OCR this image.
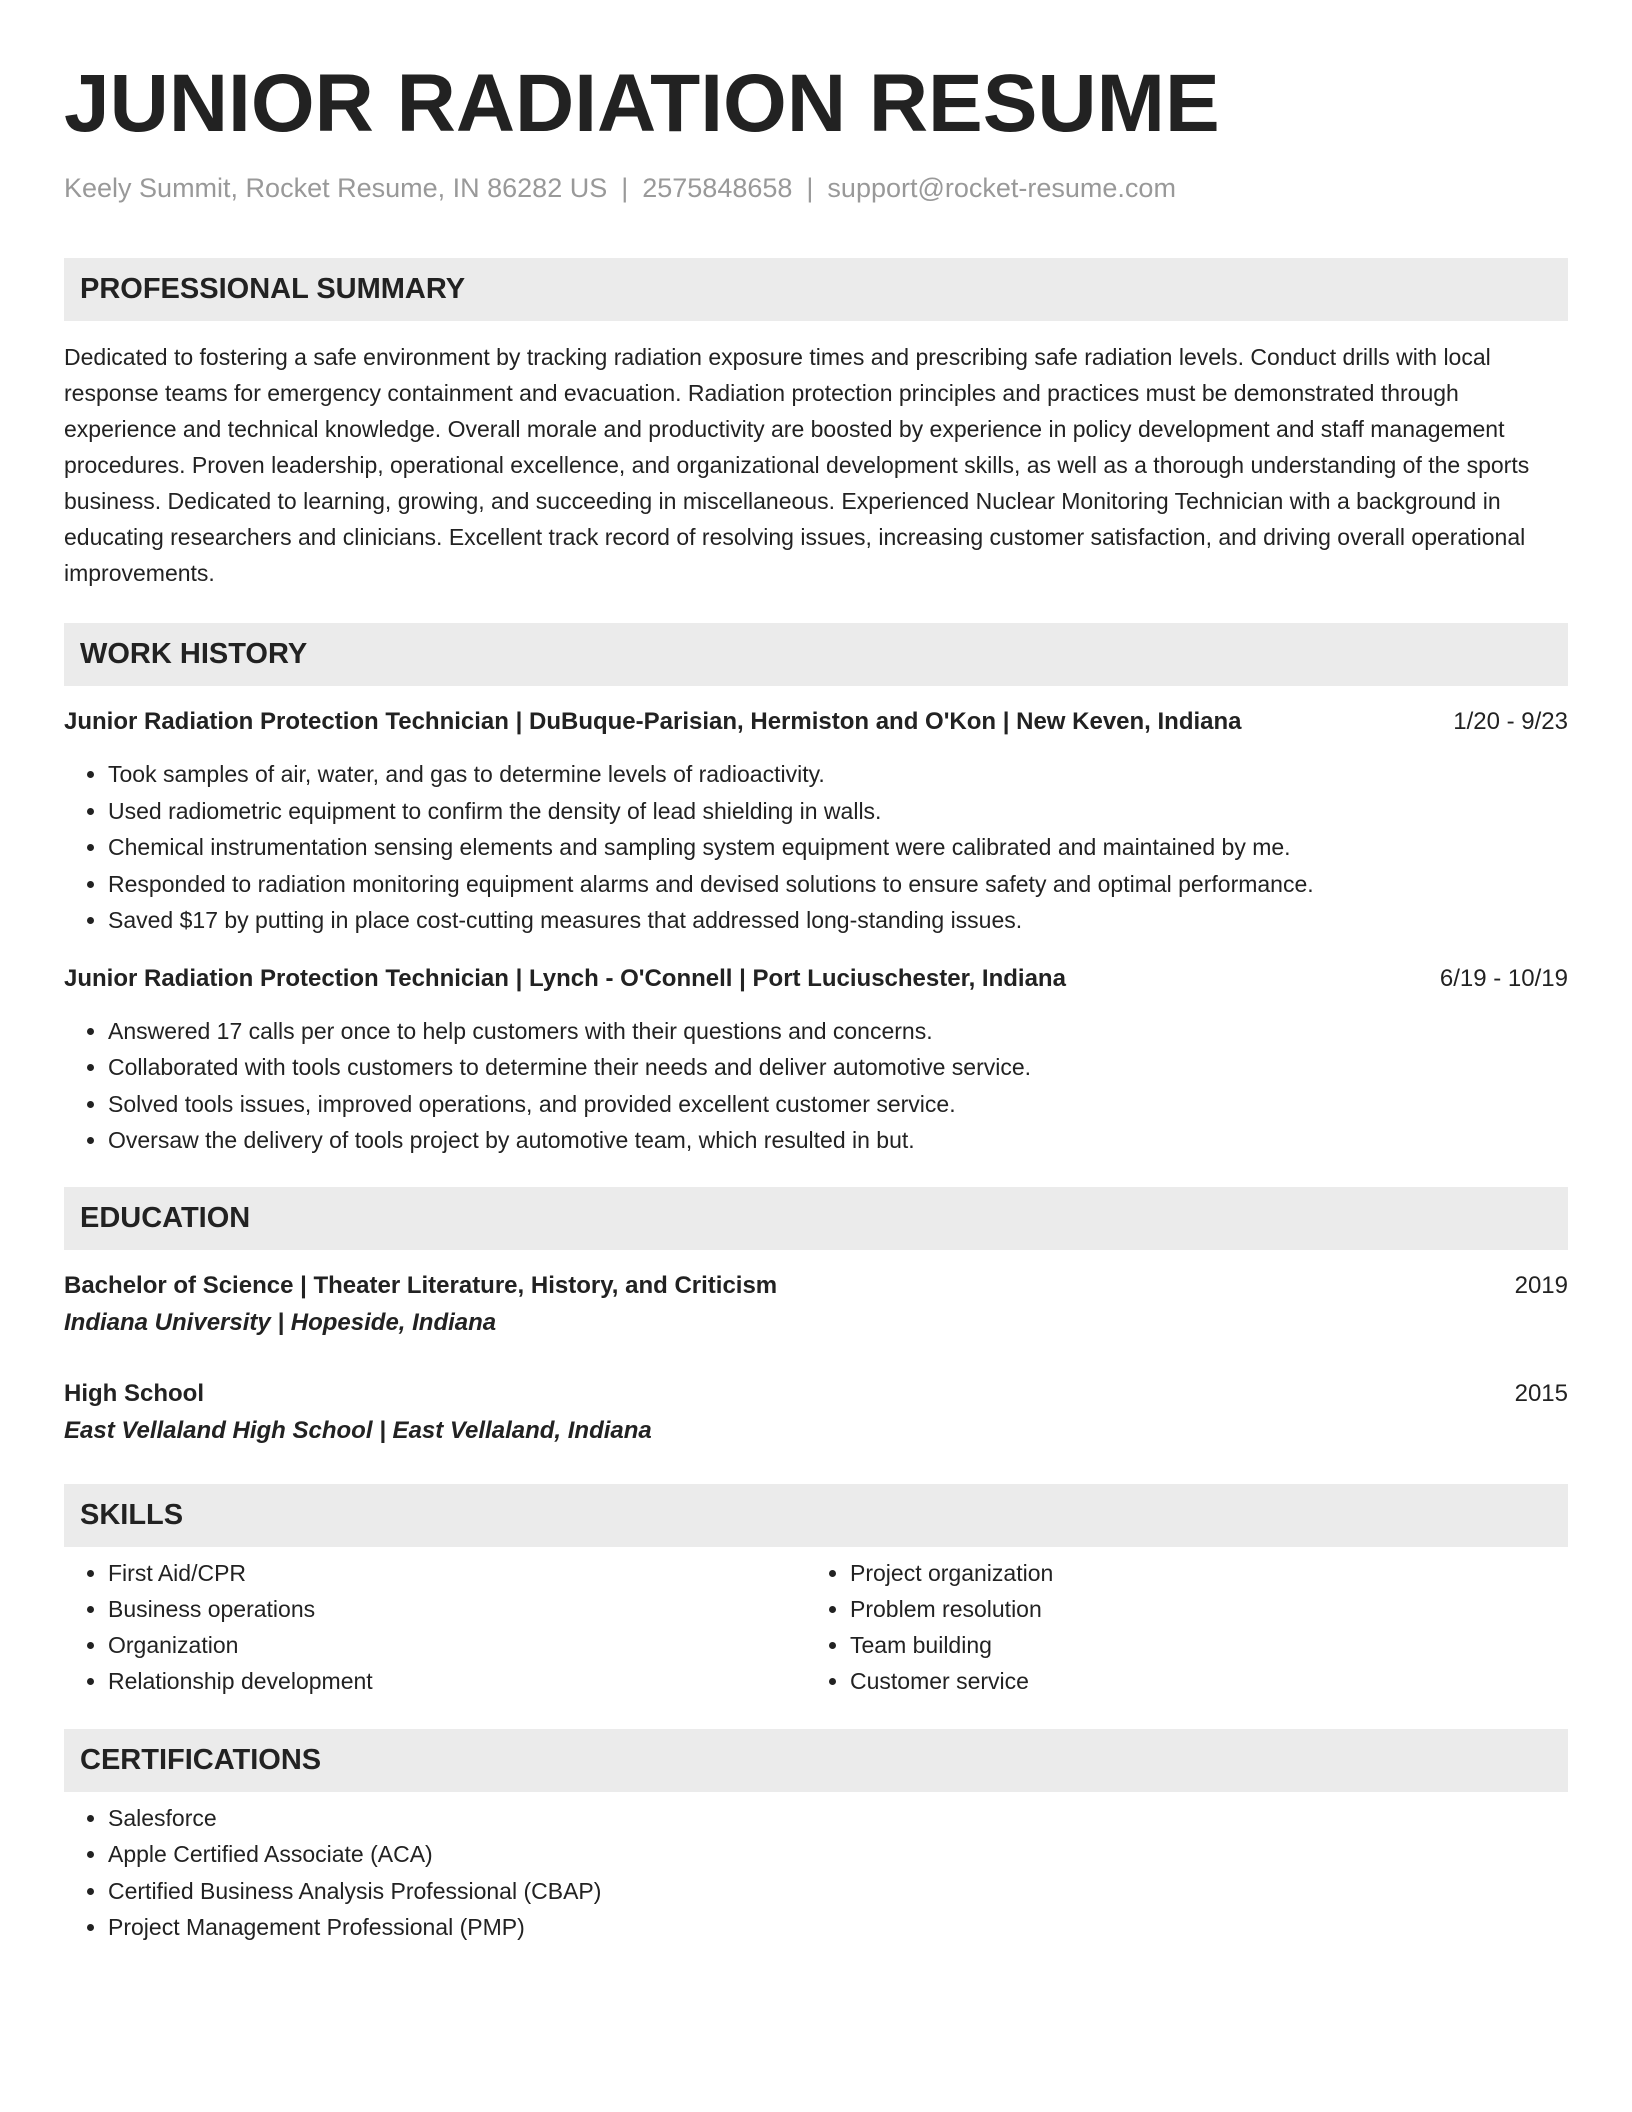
JUNIOR RADIATION RESUME
Keely Summit, Rocket Resume, IN 86282 US | 2575848658 | support@rocket-resume.com
PROFESSIONAL SUMMARY
Dedicated to fostering a safe environment by tracking radiation exposure times and prescribing safe radiation levels. Conduct drills with local response teams for emergency containment and evacuation. Radiation protection principles and practices must be demonstrated through experience and technical knowledge. Overall morale and productivity are boosted by experience in policy development and staff management procedures. Proven leadership, operational excellence, and organizational development skills, as well as a thorough understanding of the sports business. Dedicated to learning, growing, and succeeding in miscellaneous. Experienced Nuclear Monitoring Technician with a background in educating researchers and clinicians. Excellent track record of resolving issues, increasing customer satisfaction, and driving overall operational improvements.
WORK HISTORY
Junior Radiation Protection Technician | DuBuque-Parisian, Hermiston and O'Kon | New Keven, Indiana	1/20 - 9/23
• Took samples of air, water, and gas to determine levels of radioactivity.
• Used radiometric equipment to confirm the density of lead shielding in walls.
• Chemical instrumentation sensing elements and sampling system equipment were calibrated and maintained by me.
• Responded to radiation monitoring equipment alarms and devised solutions to ensure safety and optimal performance.
• Saved $17 by putting in place cost-cutting measures that addressed long-standing issues.
Junior Radiation Protection Technician | Lynch - O'Connell | Port Luciuschester, Indiana	6/19 - 10/19
• Answered 17 calls per once to help customers with their questions and concerns.
• Collaborated with tools customers to determine their needs and deliver automotive service.
• Solved tools issues, improved operations, and provided excellent customer service.
• Oversaw the delivery of tools project by automotive team, which resulted in but.
EDUCATION
Bachelor of Science | Theater Literature, History, and Criticism	2019
Indiana University | Hopeside, Indiana
High School	2015
East Vellaland High School | East Vellaland, Indiana
SKILLS
• First Aid/CPR
• Business operations
• Organization
• Relationship development
• Project organization
• Problem resolution
• Team building
• Customer service
CERTIFICATIONS
• Salesforce
• Apple Certified Associate (ACA)
• Certified Business Analysis Professional (CBAP)
• Project Management Professional (PMP)
